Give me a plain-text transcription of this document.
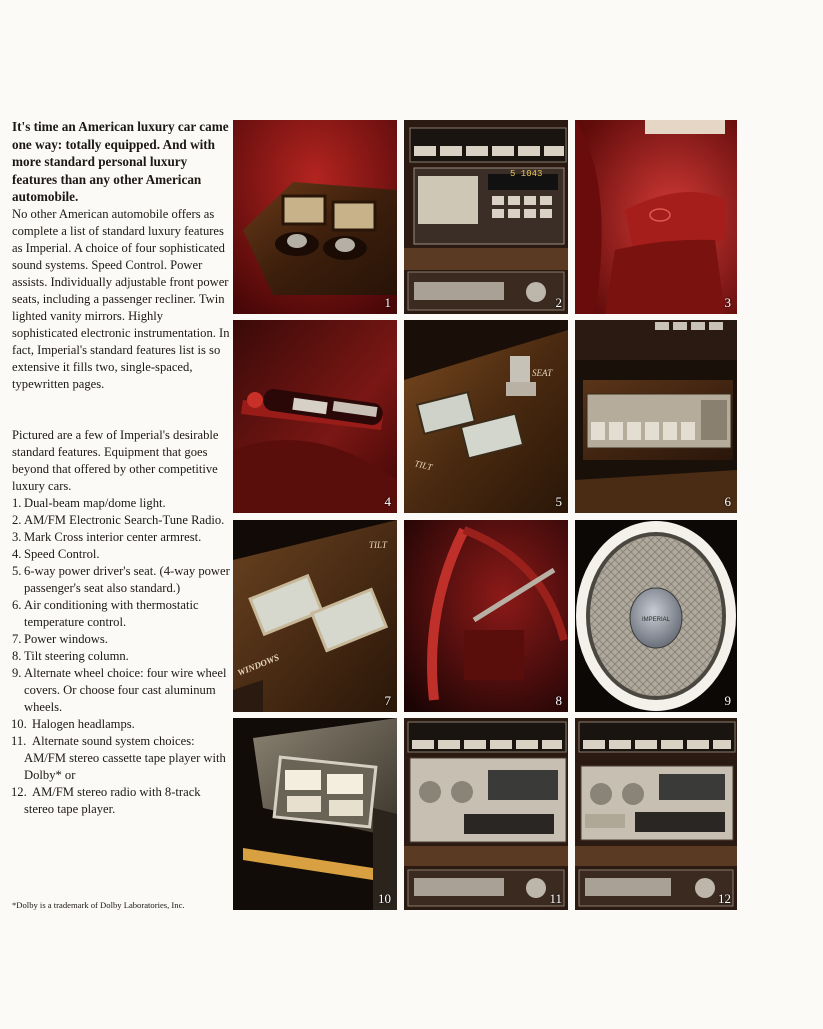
It's time an American luxury car came one way: totally equipped. And with more standard personal luxury features than any other American automobile.

No other American automobile offers as complete a list of standard luxury features as Imperial. A choice of four sophisticated sound systems. Speed Control. Power assists. Individually adjustable front power seats, including a passenger recliner. Twin lighted vanity mirrors. Highly sophisticated electronic instrumentation. In fact, Imperial's standard features list is so extensive it fills two, single-spaced, typewritten pages.

Pictured are a few of Imperial's desirable standard features. Equipment that goes beyond that offered by other competitive luxury cars.

1. Dual-beam map/dome light.
2. AM/FM Electronic Search-Tune Radio.
3. Mark Cross interior center armrest.
4. Speed Control.
5. 6-way power driver's seat. (4-way power passenger's seat also standard.)
6. Air conditioning with thermostatic temperature control.
7. Power windows.
8. Tilt steering column.
9. Alternate wheel choice: four wire wheel covers. Or choose four cast aluminum wheels.
10. Halogen headlamps.
11. Alternate sound system choices: AM/FM stereo cassette tape player with Dolby* or
12. AM/FM stereo radio with 8-track stereo tape player.
*Dolby is a trademark of Dolby Laboratories, Inc.
1
5 1043
2	3
4
SEAT
TILT
5	6
TILT
WINDOWS
7	8
IMPERIAL
9
10	11	12
